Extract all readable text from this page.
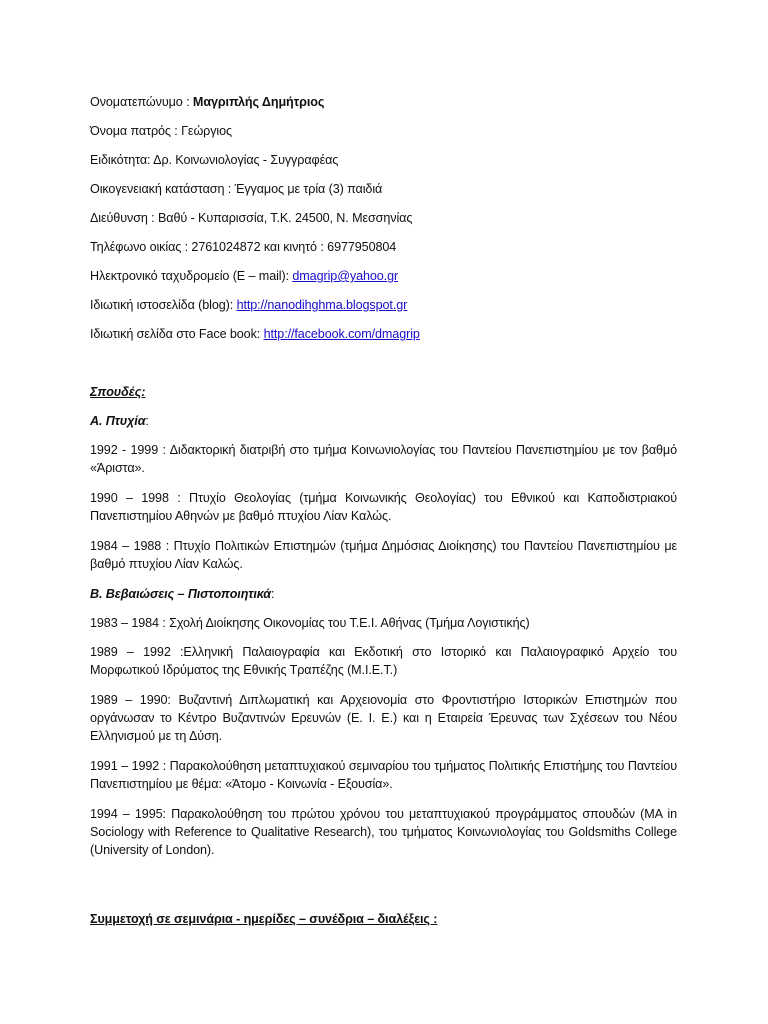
Ονοματεπώνυμο : Μαγριπλής Δημήτριος
Όνομα πατρός : Γεώργιος
Ειδικότητα: Δρ. Κοινωνιολογίας - Συγγραφέας
Οικογενειακή κατάσταση : Έγγαμος με τρία (3) παιδιά
Διεύθυνση : Βαθύ - Κυπαρισσία, Τ.Κ. 24500, Ν. Μεσσηνίας
Τηλέφωνο οικίας : 2761024872 και κινητό : 6977950804
Ηλεκτρονικό ταχυδρομείο (E – mail): dmagrip@yahoo.gr
Ιδιωτική ιστοσελίδα (blog): http://nanodihghma.blogspot.gr
Ιδιωτική σελίδα στο Face book: http://facebook.com/dmagrip
Σπουδές:
Α. Πτυχία:
1992 - 1999 : Διδακτορική διατριβή στο τμήμα Κοινωνιολογίας του Παντείου Πανεπιστημίου με τον βαθμό «Άριστα».
1990 – 1998 : Πτυχίο Θεολογίας (τμήμα Κοινωνικής Θεολογίας) του Εθνικού και Καποδιστριακού Πανεπιστημίου Αθηνών με βαθμό πτυχίου Λίαν Καλώς.
1984 – 1988 : Πτυχίο Πολιτικών Επιστημών (τμήμα Δημόσιας Διοίκησης) του Παντείου Πανεπιστημίου με βαθμό πτυχίου Λίαν Καλώς.
Β. Βεβαιώσεις – Πιστοποιητικά:
1983 – 1984 : Σχολή Διοίκησης Οικονομίας του Τ.Ε.Ι. Αθήνας (Τμήμα Λογιστικής)
1989 – 1992 :Ελληνική Παλαιογραφία και Εκδοτική στο Ιστορικό και Παλαιογραφικό Αρχείο του Μορφωτικού Ιδρύματος της Εθνικής Τραπέζης (Μ.Ι.Ε.Τ.)
1989 – 1990: Βυζαντινή Διπλωματική και Αρχειονομία στο Φροντιστήριο Ιστορικών Επιστημών που οργάνωσαν το Κέντρο Βυζαντινών Ερευνών (Ε. Ι. Ε.) και η Εταιρεία Έρευνας των Σχέσεων του Νέου Ελληνισμού με τη Δύση.
1991 – 1992 : Παρακολούθηση μεταπτυχιακού σεμιναρίου του τμήματος Πολιτικής Επιστήμης του Παντείου Πανεπιστημίου με θέμα: «Άτομο - Κοινωνία - Εξουσία».
1994 – 1995: Παρακολούθηση του πρώτου χρόνου του μεταπτυχιακού προγράμματος σπουδών (MA in Sociology with Reference to Qualitative Research), του τμήματος Κοινωνιολογίας του Goldsmiths College (University of London).
Συμμετοχή σε σεμινάρια - ημερίδες – συνέδρια – διαλέξεις :
